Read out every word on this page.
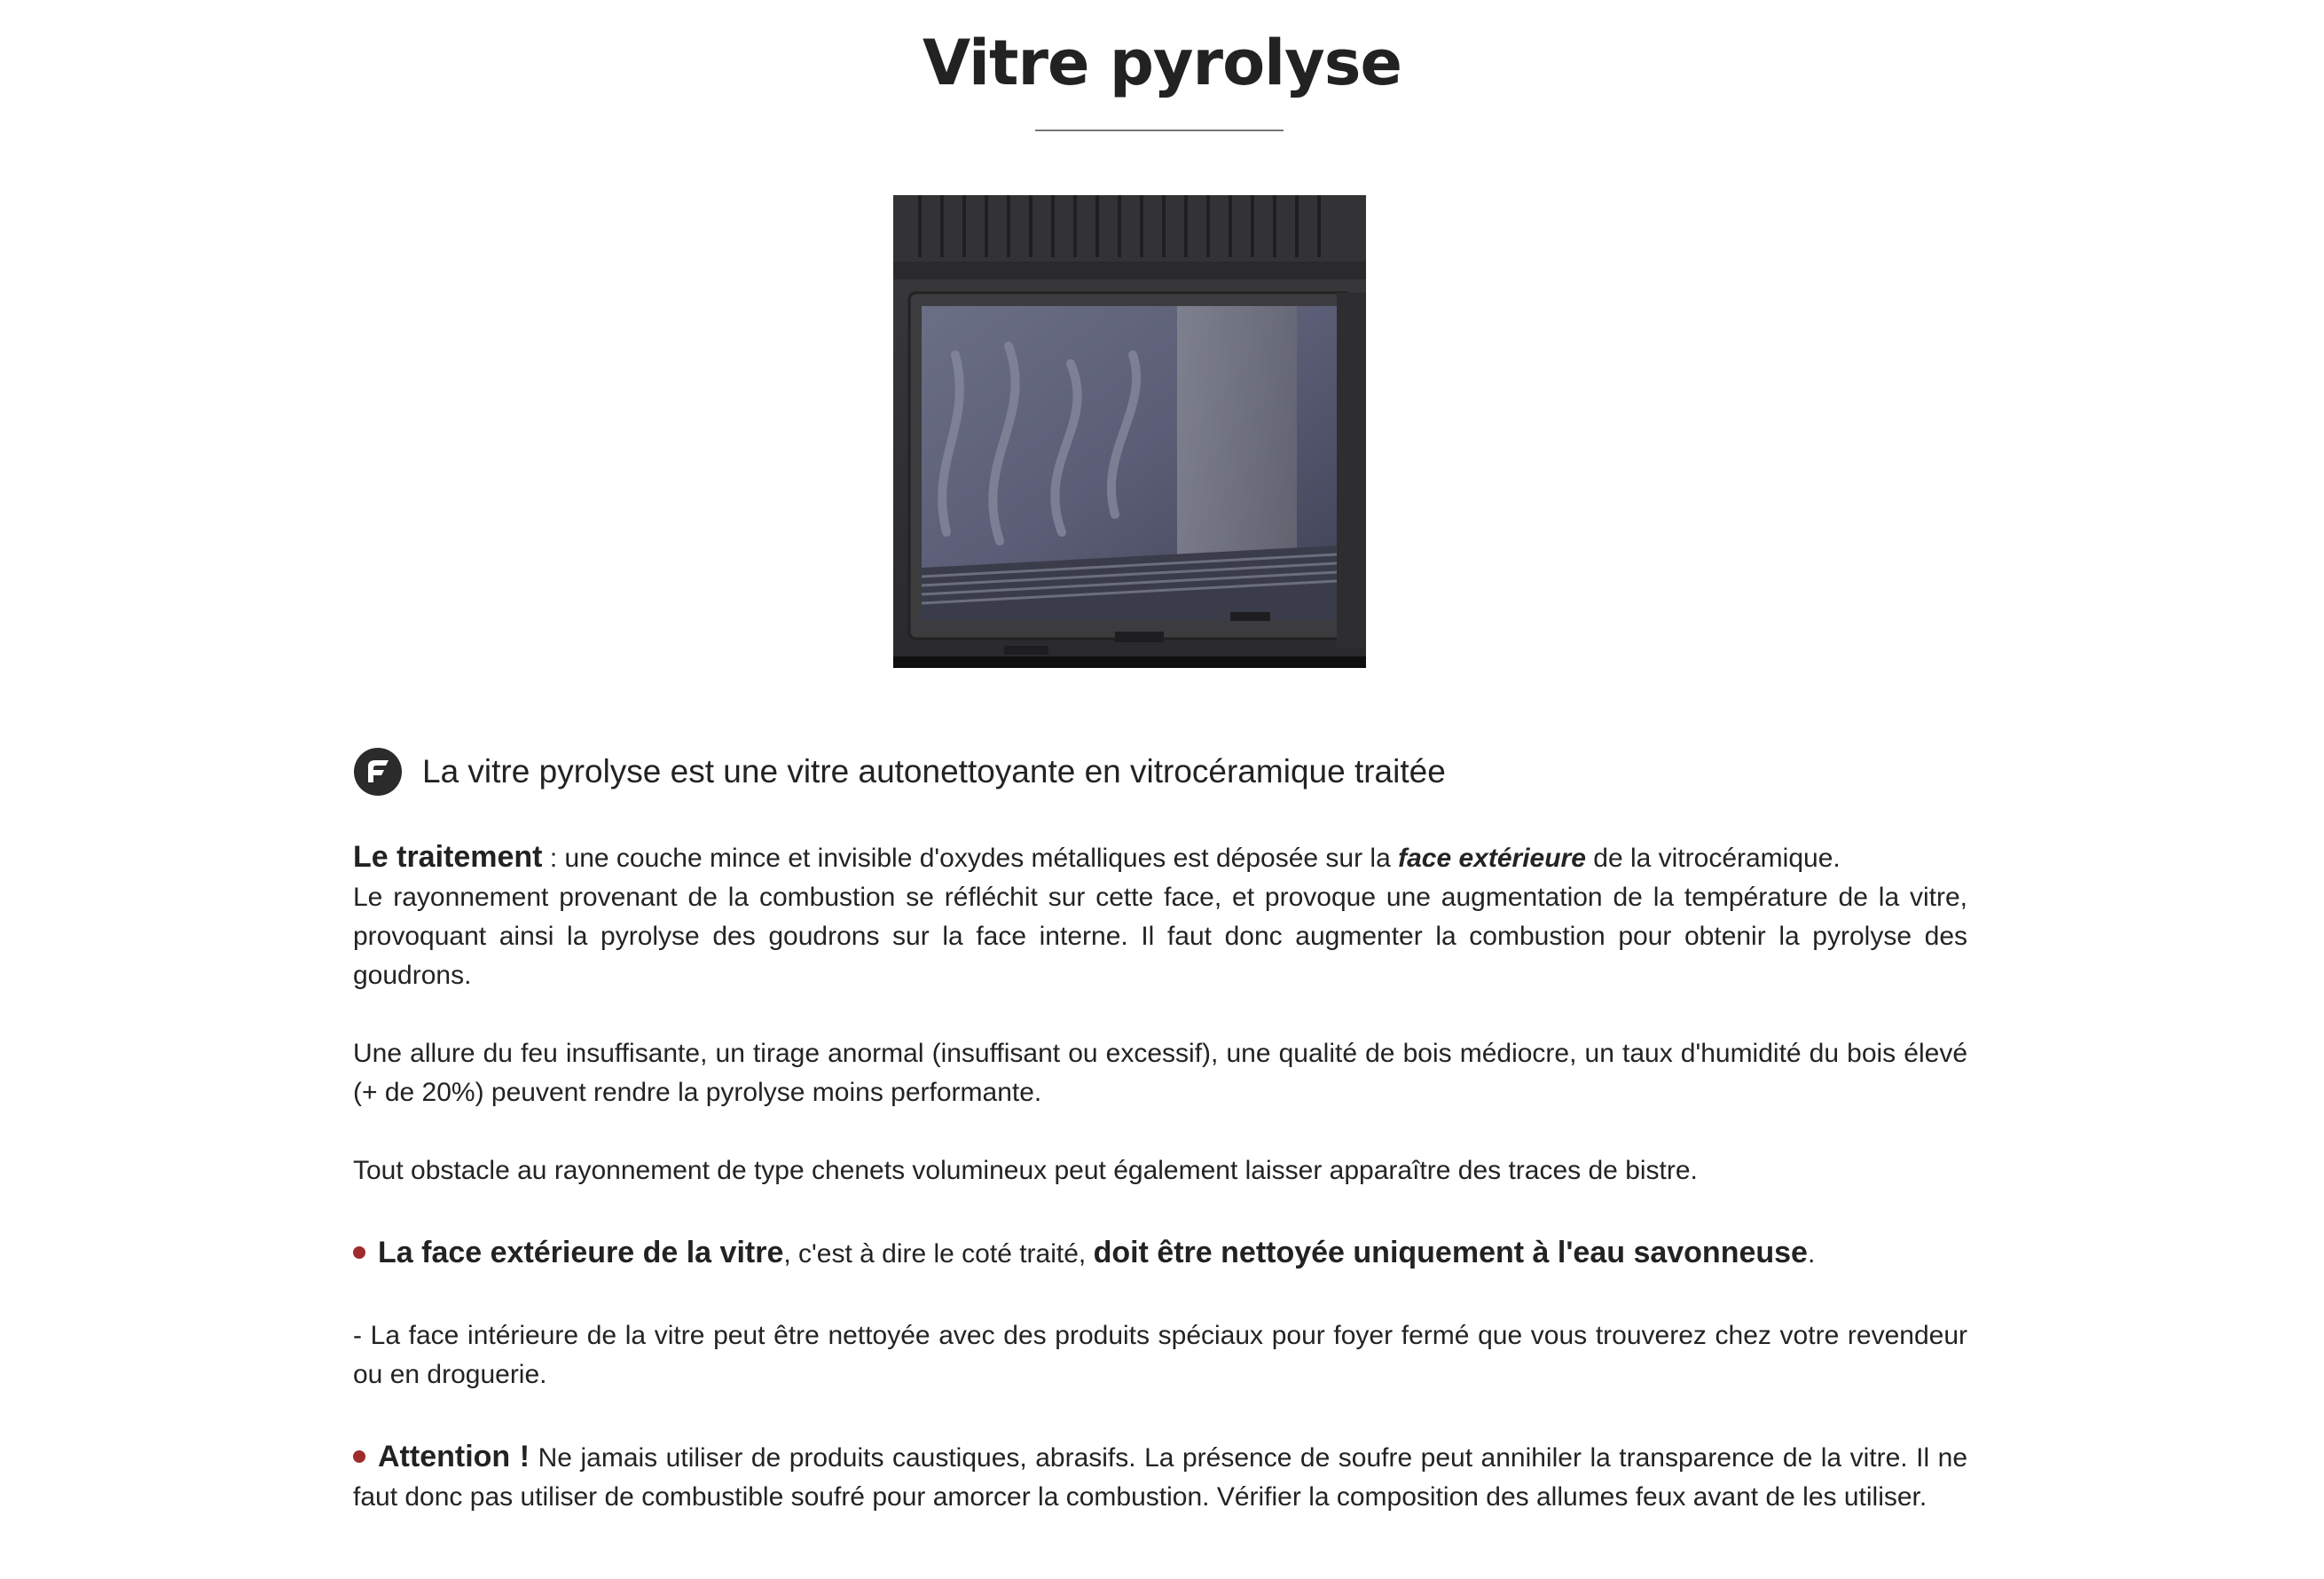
Vitre pyrolyse
La vitre pyrolyse est une vitre autonettoyante en vitrocéramique traitée

Le traitement : une couche mince et invisible d'oxydes métalliques est déposée sur la face extérieure de la vitrocéramique.

Le rayonnement provenant de la combustion se réfléchit sur cette face, et provoque une augmentation de la température de la vitre, provoquant ainsi la pyrolyse des goudrons sur la face interne. Il faut donc augmenter la combustion pour obtenir la pyrolyse des goudrons.

Une allure du feu insuffisante, un tirage anormal (insuffisant ou excessif), une qualité de bois médiocre, un taux d'humidité du bois élevé (+ de 20%) peuvent rendre la pyrolyse moins performante.

Tout obstacle au rayonnement de type chenets volumineux peut également laisser apparaître des traces de bistre.

La face extérieure de la vitre, c'est à dire le coté traité, doit être nettoyée uniquement à l'eau savonneuse.

- La face intérieure de la vitre peut être nettoyée avec des produits spéciaux pour foyer fermé que vous trouverez chez votre revendeur ou en droguerie.

Attention ! Ne jamais utiliser de produits caustiques, abrasifs. La présence de soufre peut annihiler la transparence de la vitre. Il ne faut donc pas utiliser de combustible soufré pour amorcer la combustion. Vérifier la composition des allumes feux avant de les utiliser.
